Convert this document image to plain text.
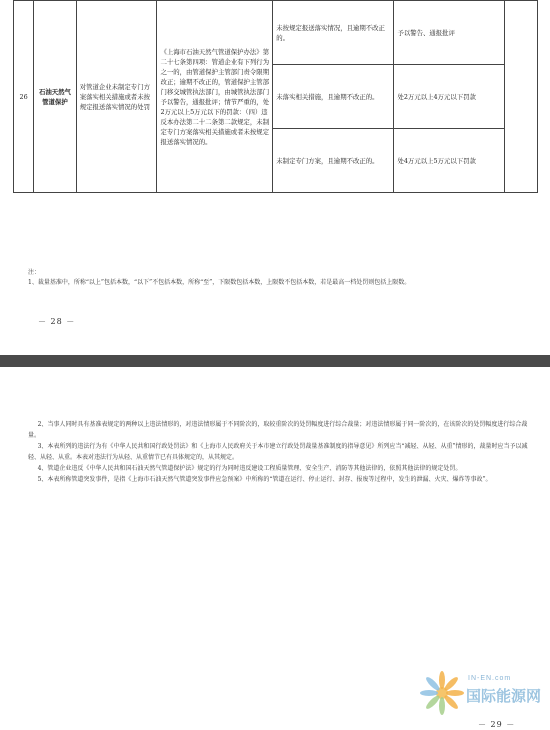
26	石油天然气管道保护	对管道企业未制定专门方案落实相关措施或者未按规定报送落实情况的处罚	《上海市石油天然气管道保护办法》第二十七条第四项：管道企业有下列行为之一的，由管道保护主管部门责令限期改正；逾期不改正的，管道保护主管部门移交城管执法部门，由城管执法部门予以警告，通报批评；情节严重的，处2万元以上5万元以下的罚款：（四）违反本办法第二十二条第二款规定，未制定专门方案落实相关措施或者未按规定报送落实情况的。	未按规定报送落实情况，且逾期不改正的。	予以警告、通报批评	
				未落实相关措施，且逾期不改正的。	处2万元以上4万元以下罚款	
				未制定专门方案，且逾期不改正的。	处4万元以上5万元以下罚款	
注：
1、裁量基准中，所称“以上”包括本数，“以下”不包括本数，所称“至”，下限数包括本数，上限数不包括本数，若是最高一档处罚则包括上限数。
－ 28 －

2、当事人同时具有基准表规定的两种以上违法情形的，对违法情形属于不同阶次的，取较重阶次的处罚幅度进行综合裁量；对违法情形属于同一阶次的，在该阶次的处罚幅度进行综合裁量。

3、本表所列的违法行为有《中华人民共和国行政处罚法》和《上海市人民政府关于本市建立行政处罚裁量基准制度的指导意见》所列应当“减轻、从轻、从重”情形的，裁量时应当予以减轻、从轻、从重。本表对违法行为从轻、从重情节已有具体规定的，从其规定。

4、管道企业违反《中华人民共和国石油天然气管道保护法》规定的行为同时违反建设工程质量管理、安全生产、消防等其他法律的，依照其他法律的规定处罚。

5、本表所称管道突发事件，是指《上海市石油天然气管道突发事件应急预案》中所称的“管道在运行、停止运行、封存、报废等过程中，发生的泄漏、火灾、爆炸等事故”。

IN-EN.com
国际能源网
－ 29 －
